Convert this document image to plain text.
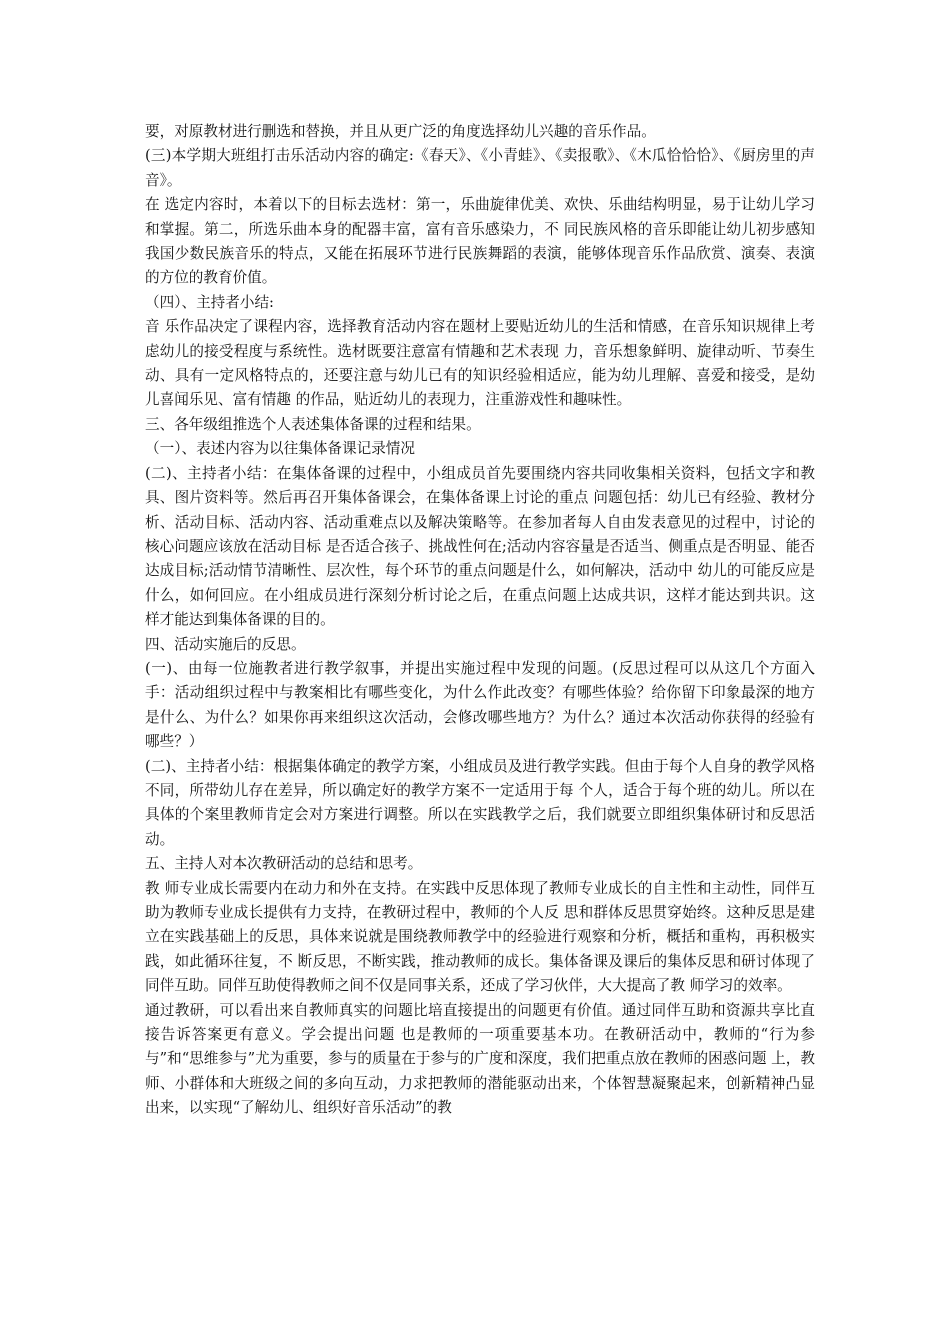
要，对原教材进行删选和替换，并且从更广泛的角度选择幼儿兴趣的音乐作品。

(三)本学期大班组打击乐活动内容的确定:《春天》、《小青蛙》、《卖报歌》、《木瓜恰恰恰》、《厨房里的声音》。

在 选定内容时，本着以下的目标去选材：第一，乐曲旋律优美、欢快、乐曲结构明显，易于让幼儿学习和掌握。第二，所选乐曲本身的配器丰富，富有音乐感染力，不 同民族风格的音乐即能让幼儿初步感知我国少数民族音乐的特点，又能在拓展环节进行民族舞蹈的表演，能够体现音乐作品欣赏、演奏、表演的方位的教育价值。

（四）、主持者小结:

音 乐作品决定了课程内容，选择教育活动内容在题材上要贴近幼儿的生活和情感，在音乐知识规律上考虑幼儿的接受程度与系统性。选材既要注意富有情趣和艺术表现 力，音乐想象鲜明、旋律动听、节奏生动、具有一定风格特点的，还要注意与幼儿已有的知识经验相适应，能为幼儿理解、喜爱和接受，是幼儿喜闻乐见、富有情趣 的作品，贴近幼儿的表现力，注重游戏性和趣味性。

三、各年级组推选个人表述集体备课的过程和结果。

（一）、表述内容为以往集体备课记录情况

(二)、主持者小结：在集体备课的过程中，小组成员首先要围绕内容共同收集相关资料，包括文字和教具、图片资料等。然后再召开集体备课会，在集体备课上讨论的重点 问题包括：幼儿已有经验、教材分析、活动目标、活动内容、活动重难点以及解决策略等。在参加者每人自由发表意见的过程中，讨论的核心问题应该放在活动目标 是否适合孩子、挑战性何在;活动内容容量是否适当、侧重点是否明显、能否达成目标;活动情节清晰性、层次性，每个环节的重点问题是什么，如何解决，活动中 幼儿的可能反应是什么，如何回应。在小组成员进行深刻分析讨论之后，在重点问题上达成共识，这样才能达到共识。这样才能达到集体备课的目的。

四、活动实施后的反思。

(一)、由每一位施教者进行教学叙事，并提出实施过程中发现的问题。(反思过程可以从这几个方面入手：活动组织过程中与教案相比有哪些变化，为什么作此改变？有哪些体验？给你留下印象最深的地方是什么、为什么？如果你再来组织这次活动，会修改哪些地方？为什么？通过本次活动你获得的经验有哪些？）

(二)、主持者小结：根据集体确定的教学方案，小组成员及进行教学实践。但由于每个人自身的教学风格不同，所带幼儿存在差异，所以确定好的教学方案不一定适用于每 个人，适合于每个班的幼儿。所以在具体的个案里教师肯定会对方案进行调整。所以在实践教学之后，我们就要立即组织集体研讨和反思活动。

五、主持人对本次教研活动的总结和思考。

教 师专业成长需要内在动力和外在支持。在实践中反思体现了教师专业成长的自主性和主动性，同伴互助为教师专业成长提供有力支持，在教研过程中，教师的个人反 思和群体反思贯穿始终。这种反思是建立在实践基础上的反思，具体来说就是围绕教师教学中的经验进行观察和分析，概括和重构，再积极实践，如此循环往复，不 断反思，不断实践，推动教师的成长。集体备课及课后的集体反思和研讨体现了同伴互助。同伴互助使得教师之间不仅是同事关系，还成了学习伙伴，大大提高了教 师学习的效率。

通过教研，可以看出来自教师真实的问题比培直接提出的问题更有价值。通过同伴互助和资源共享比直接告诉答案更有意义。学会提出问题 也是教师的一项重要基本功。在教研活动中，教师的“行为参与”和“思维参与”尤为重要，参与的质量在于参与的广度和深度，我们把重点放在教师的困惑问题 上，教师、小群体和大班级之间的多向互动，力求把教师的潜能驱动出来，个体智慧凝聚起来，创新精神凸显出来，以实现“了解幼儿、组织好音乐活动”的教
